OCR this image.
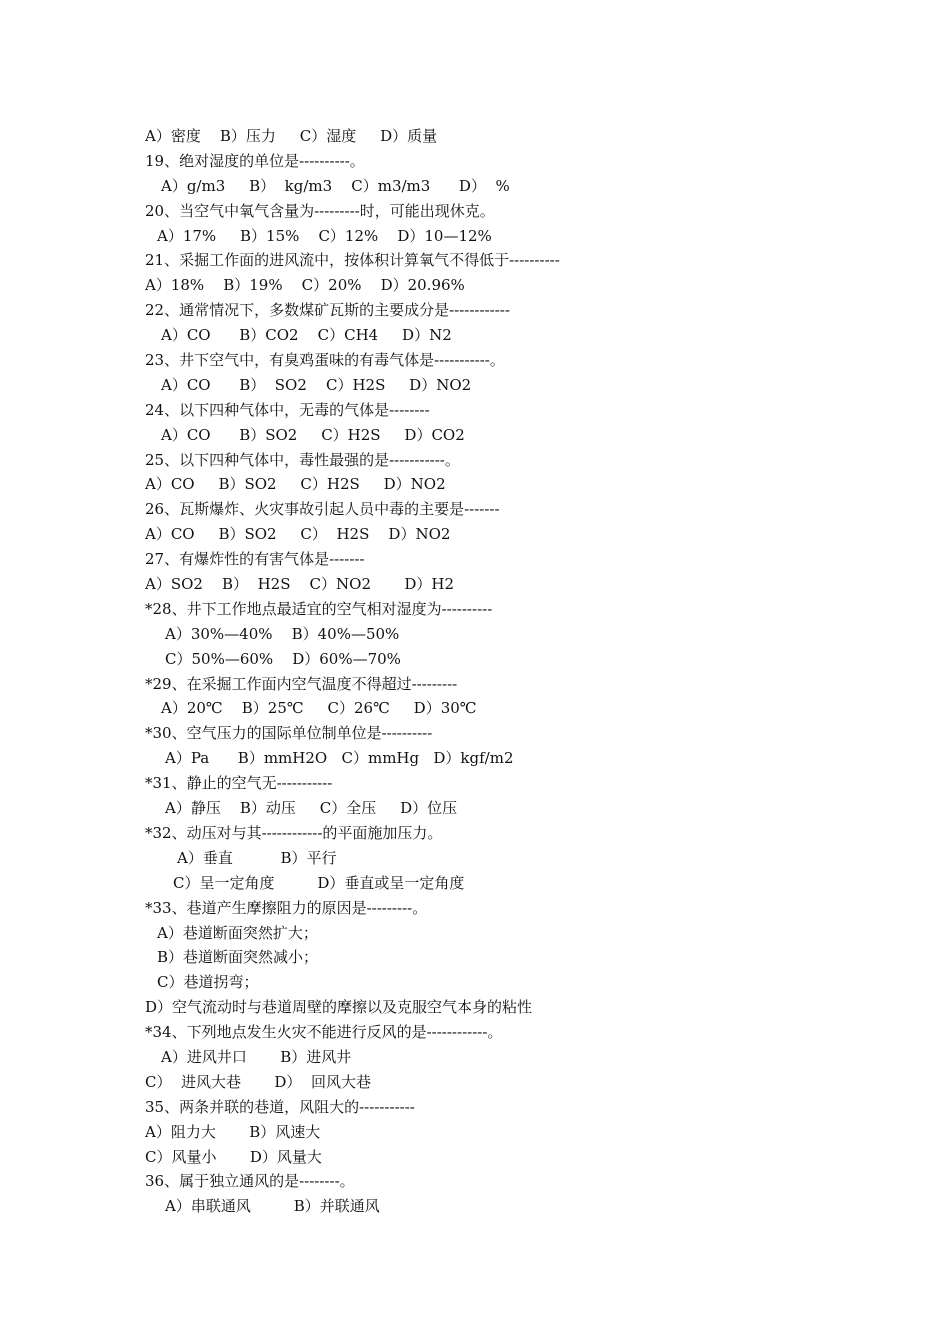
A）密度    B）压力     C）湿度     D）质量
19、绝对湿度的单位是----------。
A）g/m3     B）  kg/m3    C）m3/m3      D）  %
20、当空气中氧气含量为---------时，可能出现休克。
A）17%     B）15%    C）12%    D）10—12%
21、采掘工作面的进风流中，按体积计算氧气不得低于----------
A）18%    B）19%    C）20%    D）20.96%
22、通常情况下，多数煤矿瓦斯的主要成分是------------
A）CO      B）CO2    C）CH4     D）N2
23、井下空气中，有臭鸡蛋味的有毒气体是-----------。
A）CO      B）  SO2    C）H2S     D）NO2
24、以下四种气体中，无毒的气体是--------
A）CO      B）SO2     C）H2S     D）CO2
25、以下四种气体中，毒性最强的是-----------。
A）CO     B）SO2     C）H2S     D）NO2
26、瓦斯爆炸、火灾事故引起人员中毒的主要是-------
A）CO     B）SO2     C）  H2S    D）NO2
27、有爆炸性的有害气体是-------
A）SO2    B）  H2S    C）NO2       D）H2
*28、井下工作地点最适宜的空气相对湿度为----------
A）30%—40%    B）40%—50%
C）50%—60%    D）60%—70%
*29、在采掘工作面内空气温度不得超过---------
A）20℃    B）25℃     C）26℃     D）30℃
*30、空气压力的国际单位制单位是----------
A）Pa      B）mmH2O   C）mmHg   D）kgf/m2
*31、静止的空气无-----------
A）静压    B）动压     C）全压     D）位压
*32、动压对与其------------的平面施加压力。
A）垂直          B）平行
C）呈一定角度         D）垂直或呈一定角度
*33、巷道产生摩擦阻力的原因是---------。
A）巷道断面突然扩大；
B）巷道断面突然减小；
C）巷道拐弯；
D）空气流动时与巷道周壁的摩擦以及克服空气本身的粘性
*34、下列地点发生火灾不能进行反风的是------------。
A）进风井口       B）进风井
C）  进风大巷       D）  回风大巷
35、两条并联的巷道，风阻大的-----------
A）阻力大       B）风速大
C）风量小       D）风量大
36、属于独立通风的是--------。
A）串联通风         B）并联通风
